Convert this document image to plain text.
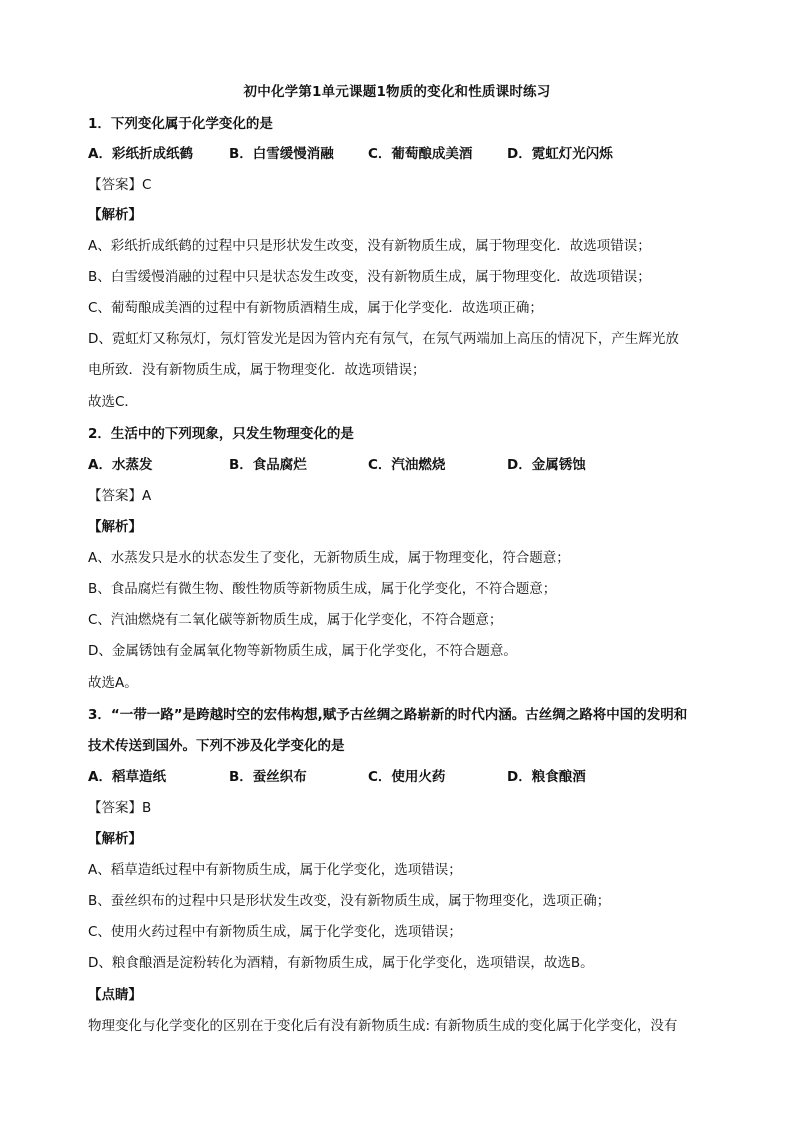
初中化学第1单元课题1物质的变化和性质课时练习
1．下列变化属于化学变化的是
A．彩纸折成纸鹤	B．白雪缓慢消融	C．葡萄酿成美酒	D．霓虹灯光闪烁
【答案】C
【解析】
A、彩纸折成纸鹤的过程中只是形状发生改变，没有新物质生成，属于物理变化．故选项错误；
B、白雪缓慢消融的过程中只是状态发生改变，没有新物质生成，属于物理变化．故选项错误；
C、葡萄酿成美酒的过程中有新物质酒精生成，属于化学变化．故选项正确；
D、霓虹灯又称氖灯，氖灯管发光是因为管内充有氖气，在氖气两端加上高压的情况下，产生辉光放
电所致．没有新物质生成，属于物理变化．故选项错误；
故选C．
2．生活中的下列现象，只发生物理变化的是
A．水蒸发	B．食品腐烂	C．汽油燃烧	D．金属锈蚀
【答案】A
【解析】
A、水蒸发只是水的状态发生了变化，无新物质生成，属于物理变化，符合题意；
B、食品腐烂有微生物、酸性物质等新物质生成，属于化学变化，不符合题意；
C、汽油燃烧有二氧化碳等新物质生成，属于化学变化，不符合题意；
D、金属锈蚀有金属氧化物等新物质生成，属于化学变化，不符合题意。
故选A。
3．“一带一路”是跨越时空的宏伟构想,赋予古丝绸之路崭新的时代内涵。古丝绸之路将中国的发明和
技术传送到国外。下列不涉及化学变化的是
A．稻草造纸	B．蚕丝织布	C．使用火药	D．粮食酿酒
【答案】B
【解析】
A、稻草造纸过程中有新物质生成，属于化学变化，选项错误；
B、蚕丝织布的过程中只是形状发生改变，没有新物质生成，属于物理变化，选项正确；
C、使用火药过程中有新物质生成，属于化学变化，选项错误；
D、粮食酿酒是淀粉转化为酒精，有新物质生成，属于化学变化，选项错误，故选B。
【点睛】
物理变化与化学变化的区别在于变化后有没有新物质生成: 有新物质生成的变化属于化学变化，没有
